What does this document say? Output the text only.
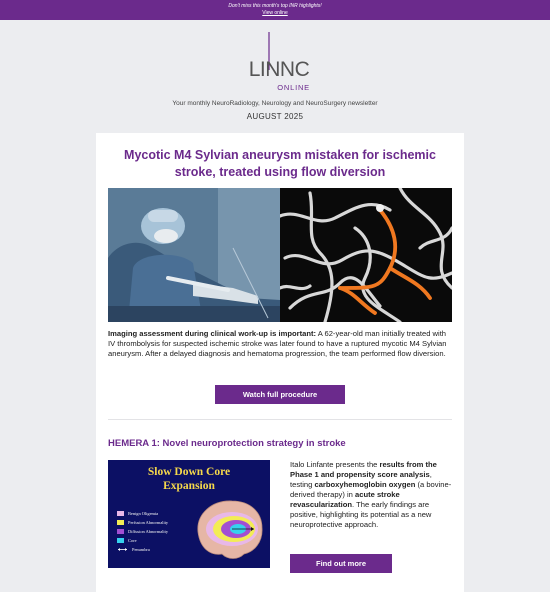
Don't miss this month's top INR highlights!
View online
LINNC
ONLINE
Your monthly NeuroRadiology, Neurology and NeuroSurgery newsletter
AUGUST 2025
Mycotic M4 Sylvian aneurysm mistaken for ischemic stroke, treated using flow diversion
Imaging assessment during clinical work-up is important: A 62-year-old man initially treated with IV thrombolysis for suspected ischemic stroke was later found to have a ruptured mycotic M4 Sylvian aneurysm. After a delayed diagnosis and hematoma progression, the team performed flow diversion.
Watch full procedure
HEMERA 1: Novel neuroprotection strategy in stroke
Slow Down Core
Expansion
Benign Oligemia
Perfusion Abnormality
Diffusion Abnormality
Core
Penumbra
Italo Linfante presents the results from the Phase 1 and propensity score analysis, testing carboxyhemoglobin oxygen (a bovine-derived therapy) in acute stroke revascularization. The early findings are positive, highlighting its potential as a new neuroprotective approach.
Find out more
